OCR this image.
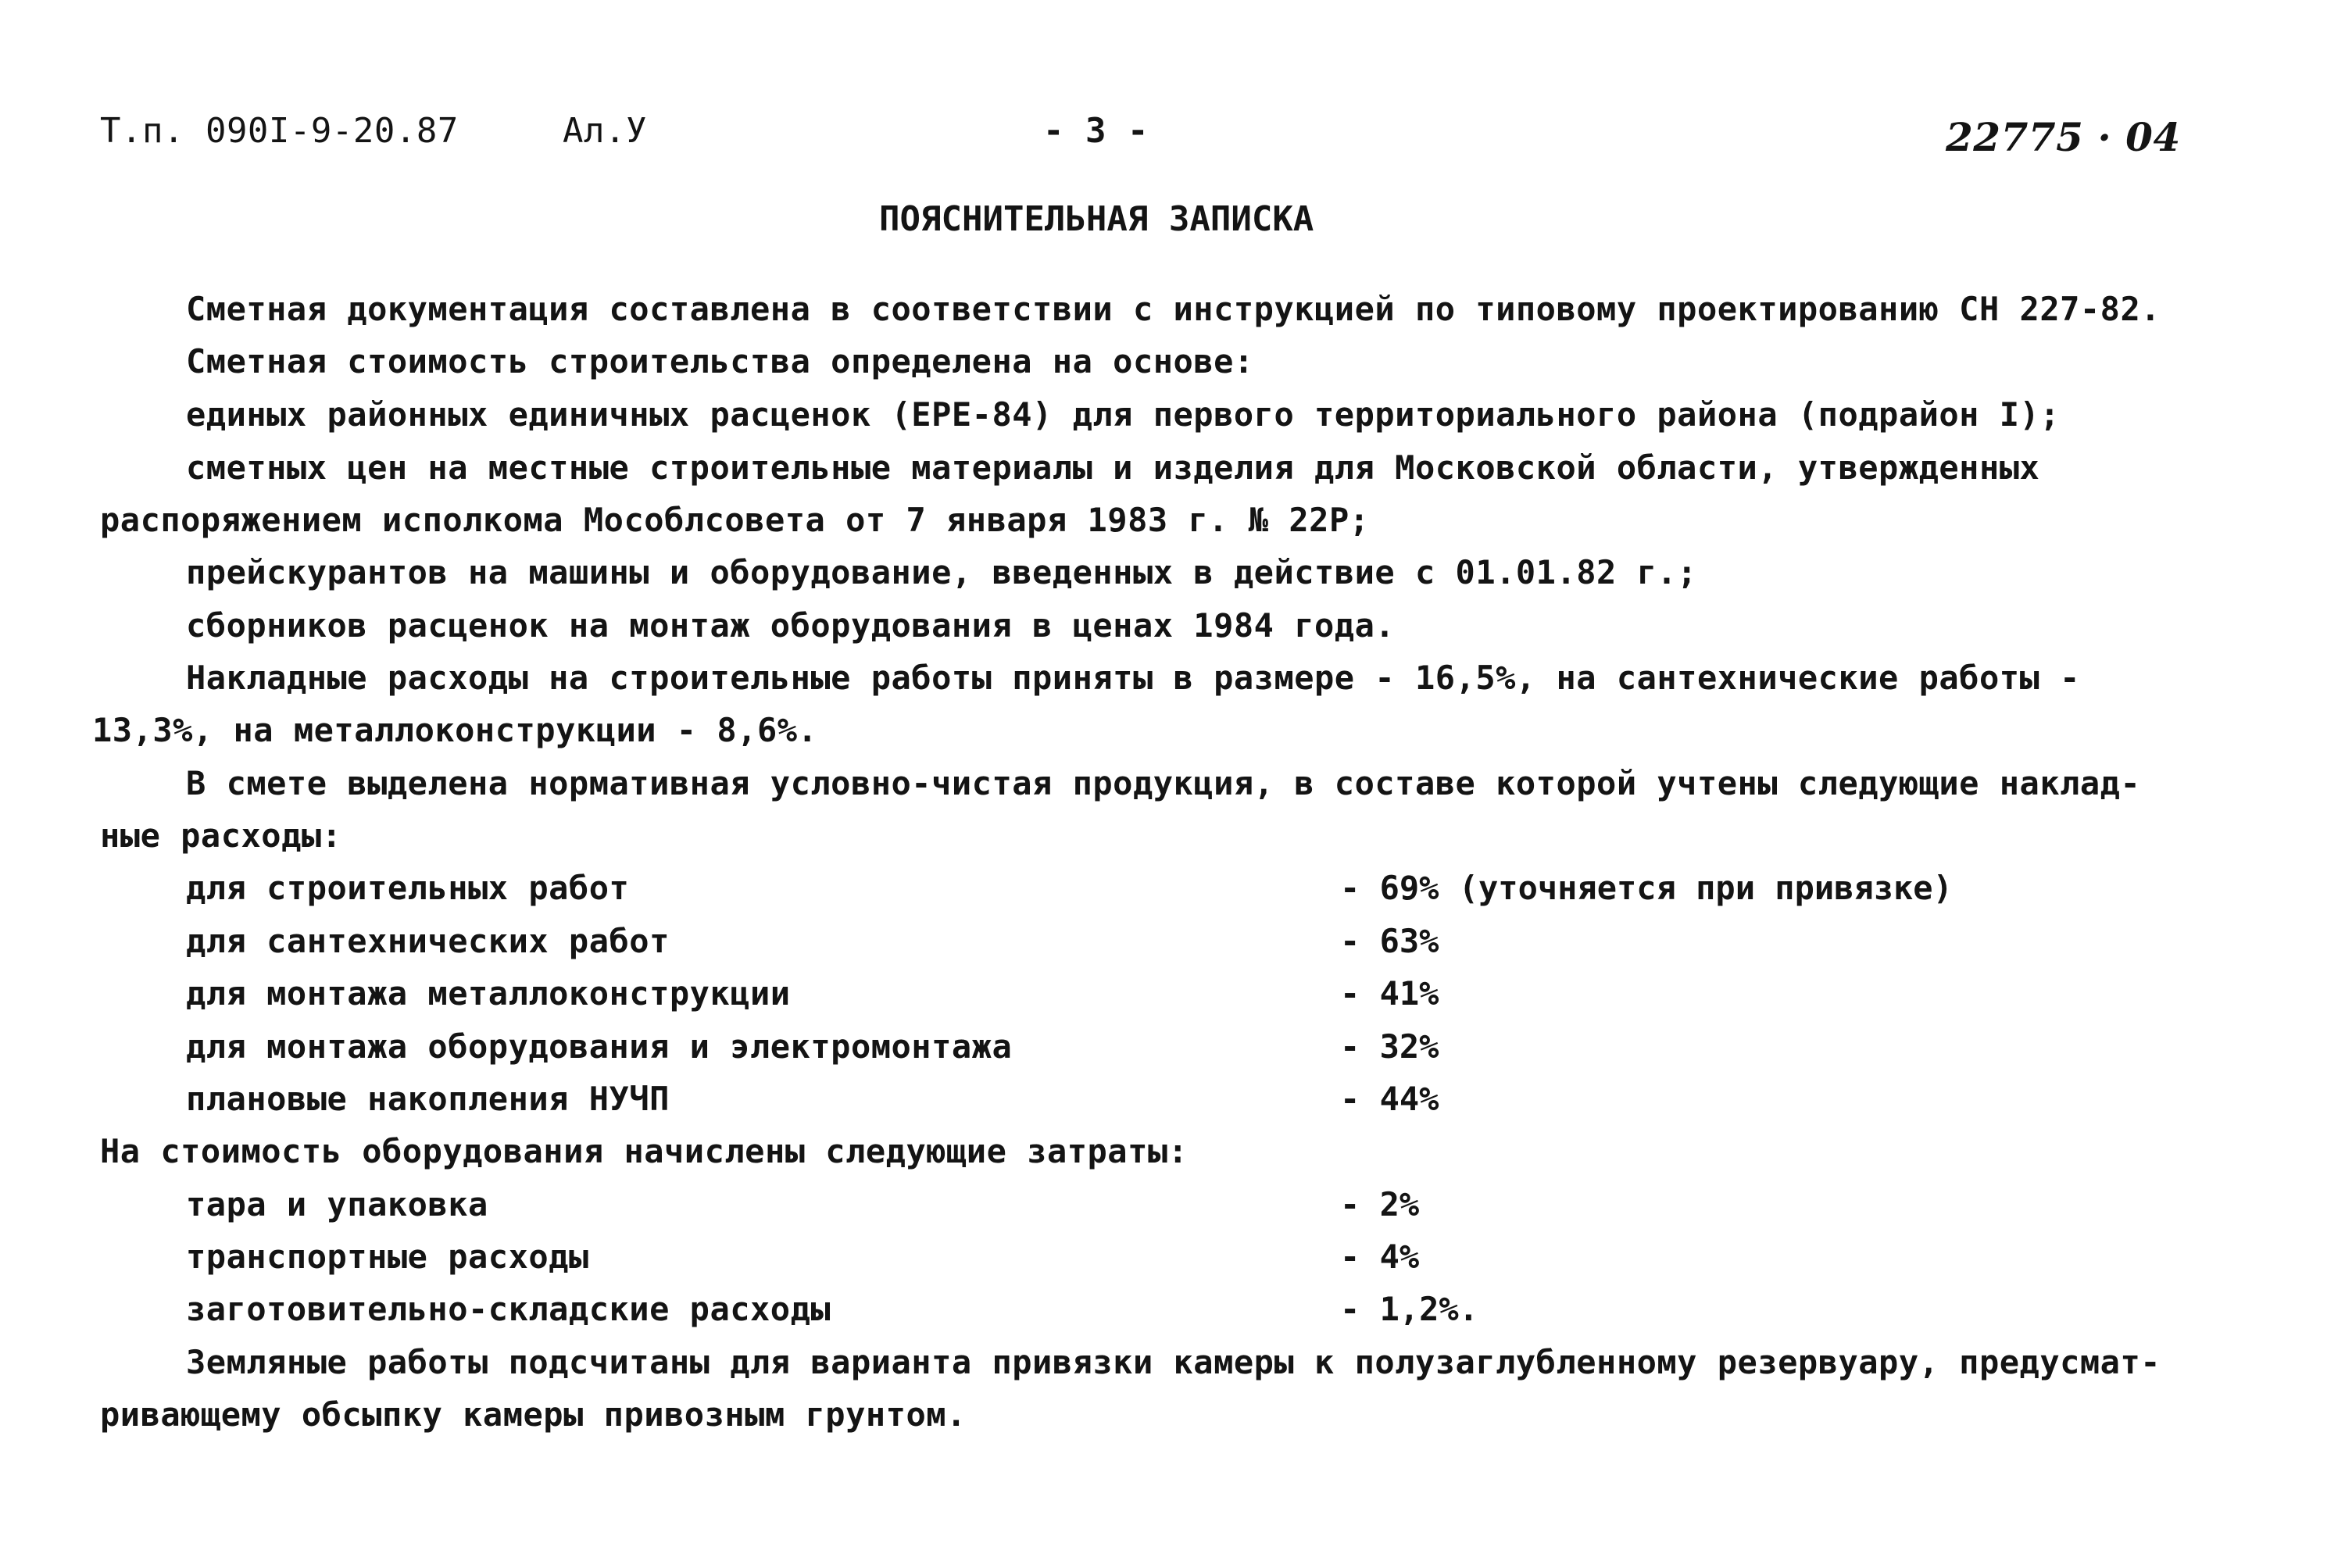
Т.п. 090I-9-20.87	Ал.У	- 3 -	22775 · 04
ПОЯСНИТЕЛЬНАЯ ЗАПИСКА
Сметная документация составлена в соответствии с инструкцией по типовому проектированию СН 227-82.
Сметная стоимость строительства определена на основе:
единых районных единичных расценок (ЕРЕ-84) для первого территориального района (подрайон I);
сметных цен на местные строительные материалы и изделия для Московской области, утвержденных
распоряжением исполкома Мособлсовета от 7 января 1983 г. № 22Р;
прейскурантов на машины и оборудование, введенных в действие с 01.01.82 г.;
сборников расценок на монтаж оборудования в ценах 1984 года.
Накладные расходы на строительные работы приняты в размере - 16,5%, на сантехнические работы -
13,3%, на металлоконструкции - 8,6%.
В смете выделена нормативная условно-чистая продукция, в составе которой учтены следующие наклад-
ные расходы:
для строительных работ	- 69% (уточняется при привязке)
для сантехнических работ	- 63%
для монтажа металлоконструкции	- 41%
для монтажа оборудования и электромонтажа	- 32%
плановые накопления НУЧП	- 44%
На стоимость оборудования начислены следующие затраты:
тара и упаковка	- 2%
транспортные расходы	- 4%
заготовительно-складские расходы	- 1,2%.
Земляные работы подсчитаны для варианта привязки камеры к полузаглубленному резервуару, предусмат-
ривающему обсыпку камеры привозным грунтом.
